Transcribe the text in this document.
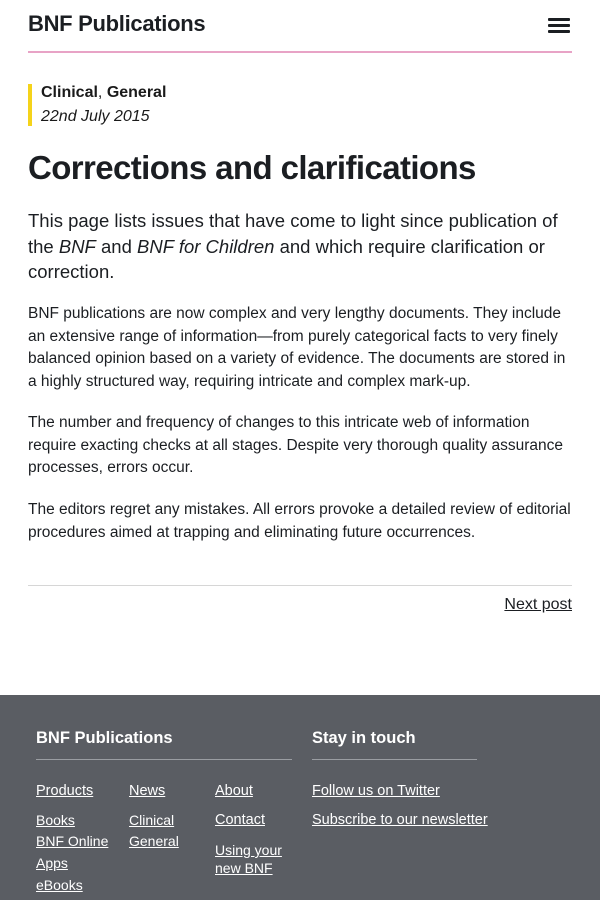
BNF Publications
Clinical, General
22nd July 2015
Corrections and clarifications

This page lists issues that have come to light since publication of the BNF and BNF for Children and which require clarification or correction.

BNF publications are now complex and very lengthy documents. They include an extensive range of information—from purely categorical facts to very finely balanced opinion based on a variety of evidence. The documents are stored in a highly structured way, requiring intricate and complex mark-up.

The number and frequency of changes to this intricate web of information require exacting checks at all stages. Despite very thorough quality assurance processes, errors occur.

The editors regret any mistakes. All errors provoke a detailed review of editorial procedures aimed at trapping and eliminating future occurrences.

Next post
BNF Publications	Stay in touch
Products
Books
BNF Online
Apps
eBooks
News
Clinical
General
About
Contact
Using your
new BNF
Follow us on Twitter
Subscribe to our newsletter
